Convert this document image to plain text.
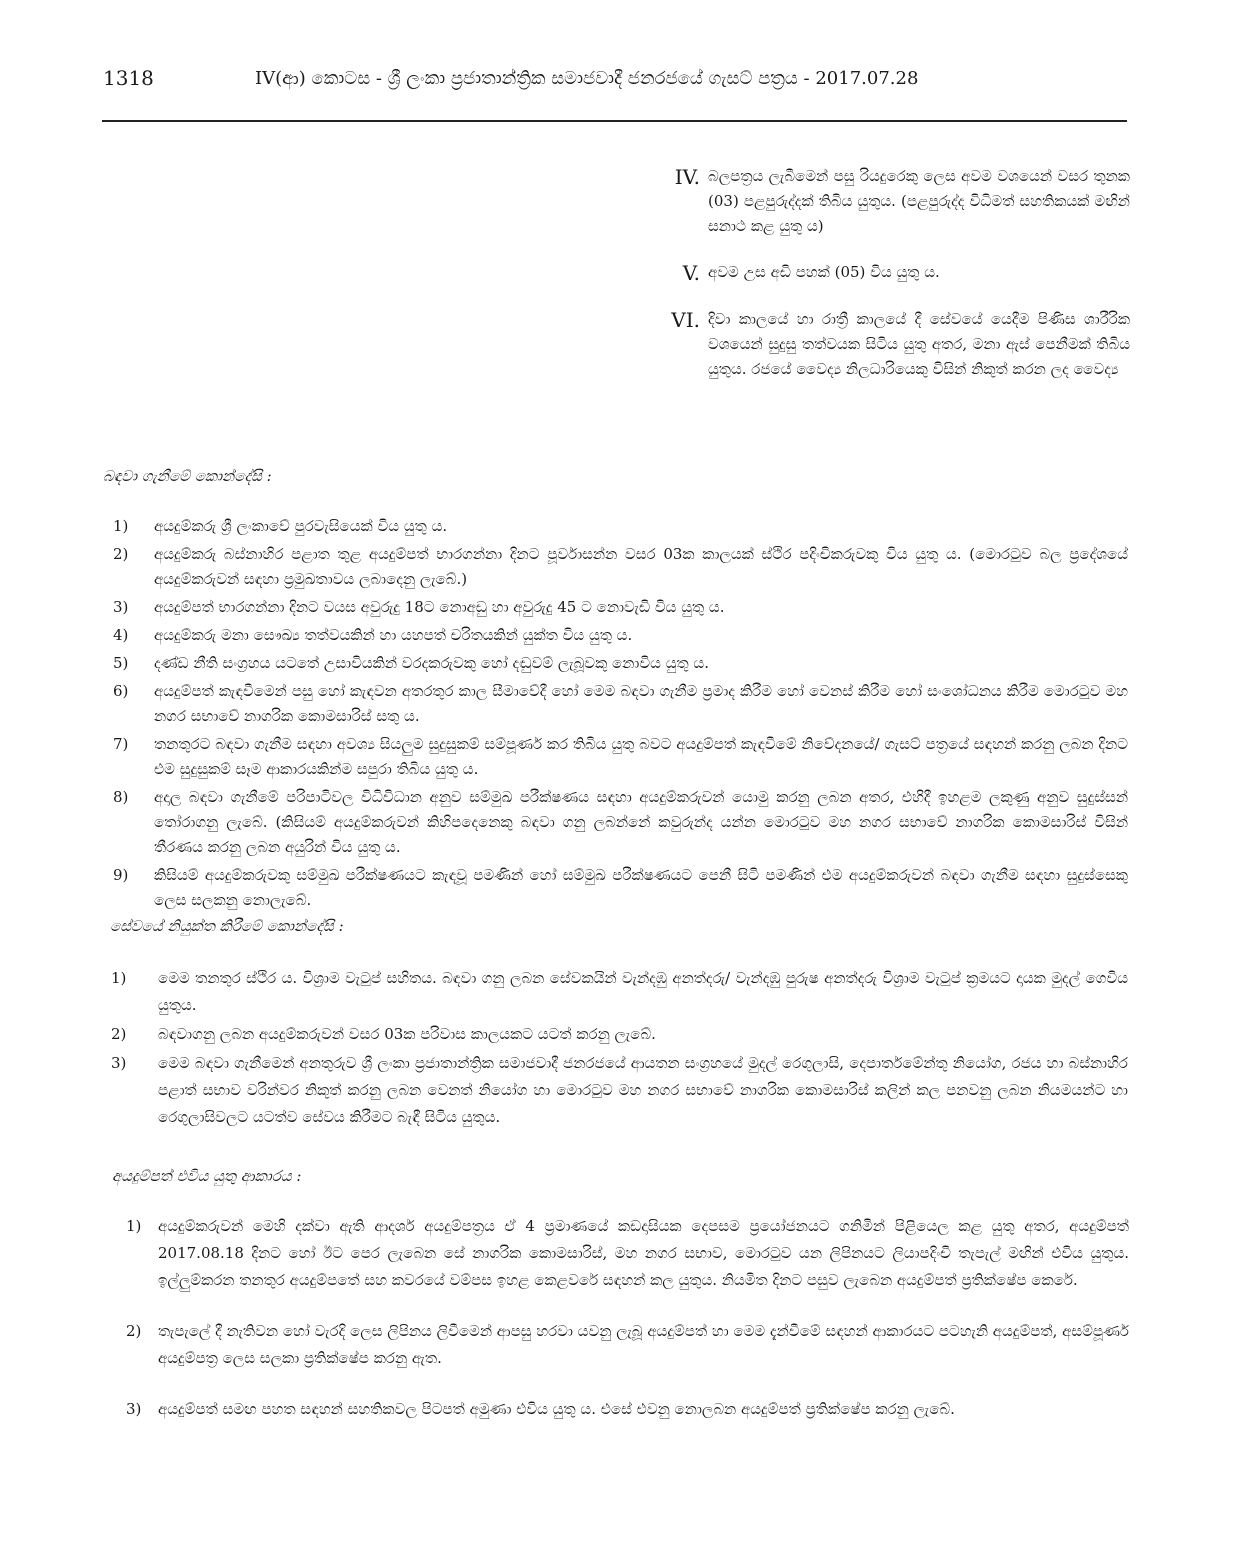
1318	IV(ආ) කොටස - ශ්‍රී ලංකා ප්‍රජාතාන්ත්‍රික සමාජවාදී ජනරජයේ ගැසට් පත්‍රය - 2017.07.28
IV. බලපත්‍රය ලැබීමෙන් පසු රියදුරෙකු ලෙස අවම වශයෙන් වසර තුනක (03) පළපුරුද්දක් තිබිය යුතුය. (පළපුරුද්ද විධිමත් සහතිකයක් මඟින් සනාථ කළ යුතු ය)
V. අවම උස අඩි පහක් (05) විය යුතු ය.
VI. දිවා කාලයේ හා රාත්‍රී කාලයේ දී සේවයේ යෙදීම පිණිස ශාරීරික වශයෙන් සුදුසු තත්වයක සිටිය යුතු අතර, මනා ඇස් පෙනීමක් තිබිය යුතුය. රජයේ වෛද්‍ය නිලධාරියෙකු විසින් නිකුත් කරන ලද වෛද්‍ය
බඳවා ගැනීමේ කොන්දේසි :
1)	අයදුම්කරු ශ්‍රී ලංකාවේ පුරවැසියෙක් විය යුතු ය.
2)	අයදුම්කරු බස්නාහිර පළාත තුළ අයදුම්පත් භාරගන්නා දිනට පූර්වාසන්න වසර 03ක කාලයක් ස්ථිර පදිංචිකරුවකු විය යුතු ය. (මොරටුව බල ප්‍රදේශයේ අයදුම්කරුවන් සඳහා ප්‍රමුඛතාවය ලබාදෙනු ලැබේ.)
3)	අයදුම්පත් භාරගන්නා දිනට වයස අවුරුදු 18ට නොඅඩු හා අවුරුදු 45 ට නොවැඩි විය යුතු ය.
4)	අයදුම්කරු මනා සෞඛ්‍ය තත්වයකින් හා යහපත් චරිතයකින් යුක්ත විය යුතු ය.
5)	දණ්ඩ නීති සංග්‍රහය යටතේ උසාවියකින් වරදකරුවකු හෝ දඬුවම් ලැබූවකු නොවිය යුතු ය.
6)	අයදුම්පත් කැඳවීමෙන් පසු හෝ කැඳවන අතරතුර කාල සීමාවේදී හෝ මෙම බඳවා ගැනීම ප්‍රමාද කිරීම හෝ වෙනස් කිරීම හෝ සංශෝධනය කිරීම මොරටුව මහ නගර සභාවේ නාගරික කොමසාරිස් සතු ය.
7)	තනතුරට බඳවා ගැනීම සඳහා අවශ්‍ය සියලුම සුදුසුකම් සම්පූර්ණ කර තිබිය යුතු බවට අයදුම්පත් කැඳවීමේ නිවේදනයේ/ ගැසට් පත්‍රයේ සඳහන් කරනු ලබන දිනට එම සුදුසුකම් සෑම ආකාරයකින්ම සපුරා තිබිය යුතු ය.
8)	අදාල බඳවා ගැනීමේ පරිපාටිවල විධිවිධාන අනුව සම්මුඛ පරීක්ෂණය සඳහා අයදුම්කරුවන් යොමු කරනු ලබන අතර, එහිදී ඉහළම ලකුණු අනුව සුදුස්සන් තෝරාගනු ලැබේ. (කිසියම් අයදුම්කරුවන් කිහිපදෙනෙකු බඳවා ගනු ලබන්නේ කවුරුන්ද යන්න මොරටුව මහ නගර සභාවේ නාගරික කොමසාරිස් විසින් තීරණය කරනු ලබන අයුරින් විය යුතු ය.
9)	කිසියම් අයදුම්කරුවකු සම්මුඛ පරීක්ෂණයට කැඳවූ පමණින් හෝ සම්මුඛ පරීක්ෂණයට පෙනී සිටි පමණින් එම අයදුම්කරුවන් බඳවා ගැනීම සඳහා සුදුස්සෙකු ලෙස සලකනු නොලැබේ.
සේවයේ නියුක්ත කිරීමේ කොන්දේසි :
1)	මෙම තනතුර ස්ථිර ය. විශ්‍රාම වැටුප් සහිතය. බඳවා ගනු ලබන සේවකයින් වැන්දඹු අනත්දරු/ වැන්දඹු පුරුෂ අනත්දරු විශ්‍රාම වැටුප් ක්‍රමයට දායක මුදල් ගෙවිය යුතුය.
2)	බඳවාගනු ලබන අයදුම්කරුවන් වසර 03ක පරිවාස කාලයකට යටත් කරනු ලැබේ.
3)	මෙම බඳවා ගැනීමෙන් අනතුරුව ශ්‍රී ලංකා ප්‍රජාතාන්ත්‍රික සමාජවාදී ජනරජයේ ආයතන සංග්‍රහයේ මුදල් රෙගුලාසි, දෙපාර්තමේන්තු නියෝග, රජය හා බස්නාහිර පළාත් සභාව වරින්වර නිකුත් කරනු ලබන වෙනත් නියෝග හා මොරටුව මහ නගර සභාවේ නාගරික කොමසාරිස් කලින් කල පනවනු ලබන නියමයන්ට හා රෙගුලාසිවලට යටත්ව සේවය කිරීමට බැඳී සිටිය යුතුය.
අයදුම්පත් එවිය යුතු ආකාරය :
1)	අයදුම්කරුවන් මෙහි දක්වා ඇති ආදර්ශ අයදුම්පත්‍රය ඒ 4 ප්‍රමාණයේ කඩදාසියක දෙපසම ප්‍රයෝජනයට ගනිමින් පිළියෙල කළ යුතු අතර, අයදුම්පත් 2017.08.18 දිනට හෝ ඊට පෙර ලැබෙන සේ නාගරික කොමසාරිස්, මහ නගර සභාව, මොරටුව යන ලිපිනයට ලියාපදිංචි තැපැල් මඟින් එවිය යුතුය. ඉල්ලුම්කරන තනතුර අයදුම්පතේ සහ කවරයේ වම්පස ඉහළ කෙළවරේ සඳහන් කල යුතුය. නියමිත දිනට පසුව ලැබෙන අයදුම්පත් ප්‍රතික්ෂේප කෙරේ.
2)	තැපැලේ දී නැතිවන හෝ වැරදි ලෙස ලිපිනය ලිවීමෙන් ආපසු හරවා යවනු ලැබූ අයදුම්පත් හා මෙම දැන්වීමේ සඳහන් ආකාරයට පටහැනි අයදුම්පත්, අසම්පූර්ණ අයදුම්පත්‍ර ලෙස සලකා ප්‍රතික්ෂේප කරනු ඇත.
3)	අයදුම්පත් සමඟ පහත සඳහන් සහතිකවල පිටපත් අමුණා එවිය යුතු ය. එසේ එවනු නොලබන අයදුම්පත් ප්‍රතික්ෂේප කරනු ලැබේ.
